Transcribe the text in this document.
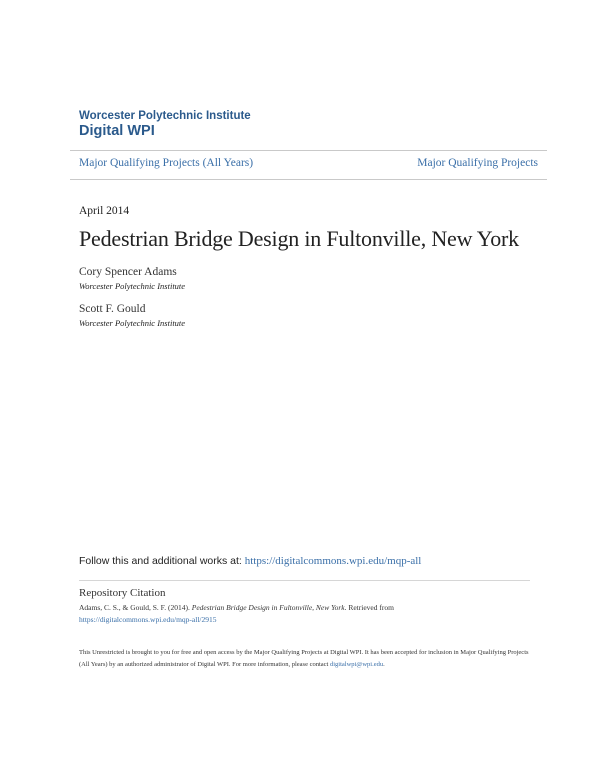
Worcester Polytechnic Institute
Digital WPI
Major Qualifying Projects (All Years)	Major Qualifying Projects
April 2014
Pedestrian Bridge Design in Fultonville, New York
Cory Spencer Adams
Worcester Polytechnic Institute
Scott F. Gould
Worcester Polytechnic Institute
Follow this and additional works at: https://digitalcommons.wpi.edu/mqp-all
Repository Citation
Adams, C. S., & Gould, S. F. (2014). Pedestrian Bridge Design in Fultonville, New York. Retrieved from
https://digitalcommons.wpi.edu/mqp-all/2915
This Unrestricted is brought to you for free and open access by the Major Qualifying Projects at Digital WPI. It has been accepted for inclusion in Major Qualifying Projects (All Years) by an authorized administrator of Digital WPI. For more information, please contact digitalwpi@wpi.edu.
